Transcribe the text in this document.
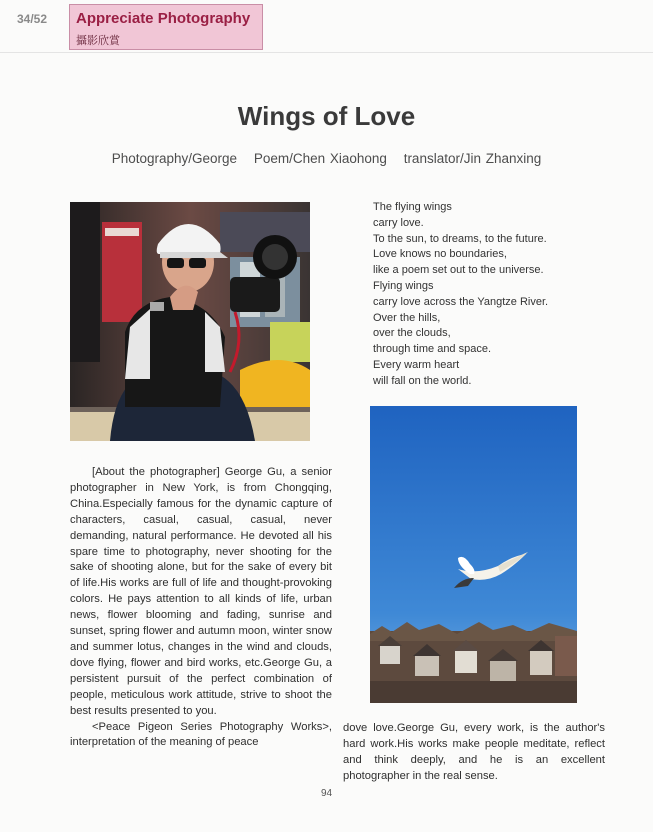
34/52 Appreciate Photography
攝影欣賞
Wings of Love
Photography/George Poem/Chen Xiaohong translator/Jin Zhanxing
The flying wings
carry love.
To the sun, to dreams, to the future.
Love knows no boundaries,
like a poem set out to the universe.
Flying wings
carry love across the Yangtze River.
Over the hills,
over the clouds,
through time and space.
Every warm heart
will fall on the world.

[About the photographer] George Gu, a senior photographer in New York, is from Chongqing, China.Especially famous for the dynamic capture of characters, casual, casual, casual, never demanding, natural performance. He devoted all his spare time to photography, never shooting for the sake of shooting alone, but for the sake of every bit of life.His works are full of life and thought-provoking colors. He pays attention to all kinds of life, urban news, flower blooming and fading, sunrise and sunset, spring flower and autumn moon, winter snow and summer lotus, changes in the wind and clouds, dove flying, flower and bird works, etc.George Gu, a persistent pursuit of the perfect combination of people, meticulous work attitude, strive to shoot the best results presented to you.

<Peace Pigeon Series Photography Works>, interpretation of the meaning of peace

dove love.George Gu, every work, is the author's hard work.His works make people meditate, reflect and think deeply, and he is an excellent photographer in the real sense.
94
